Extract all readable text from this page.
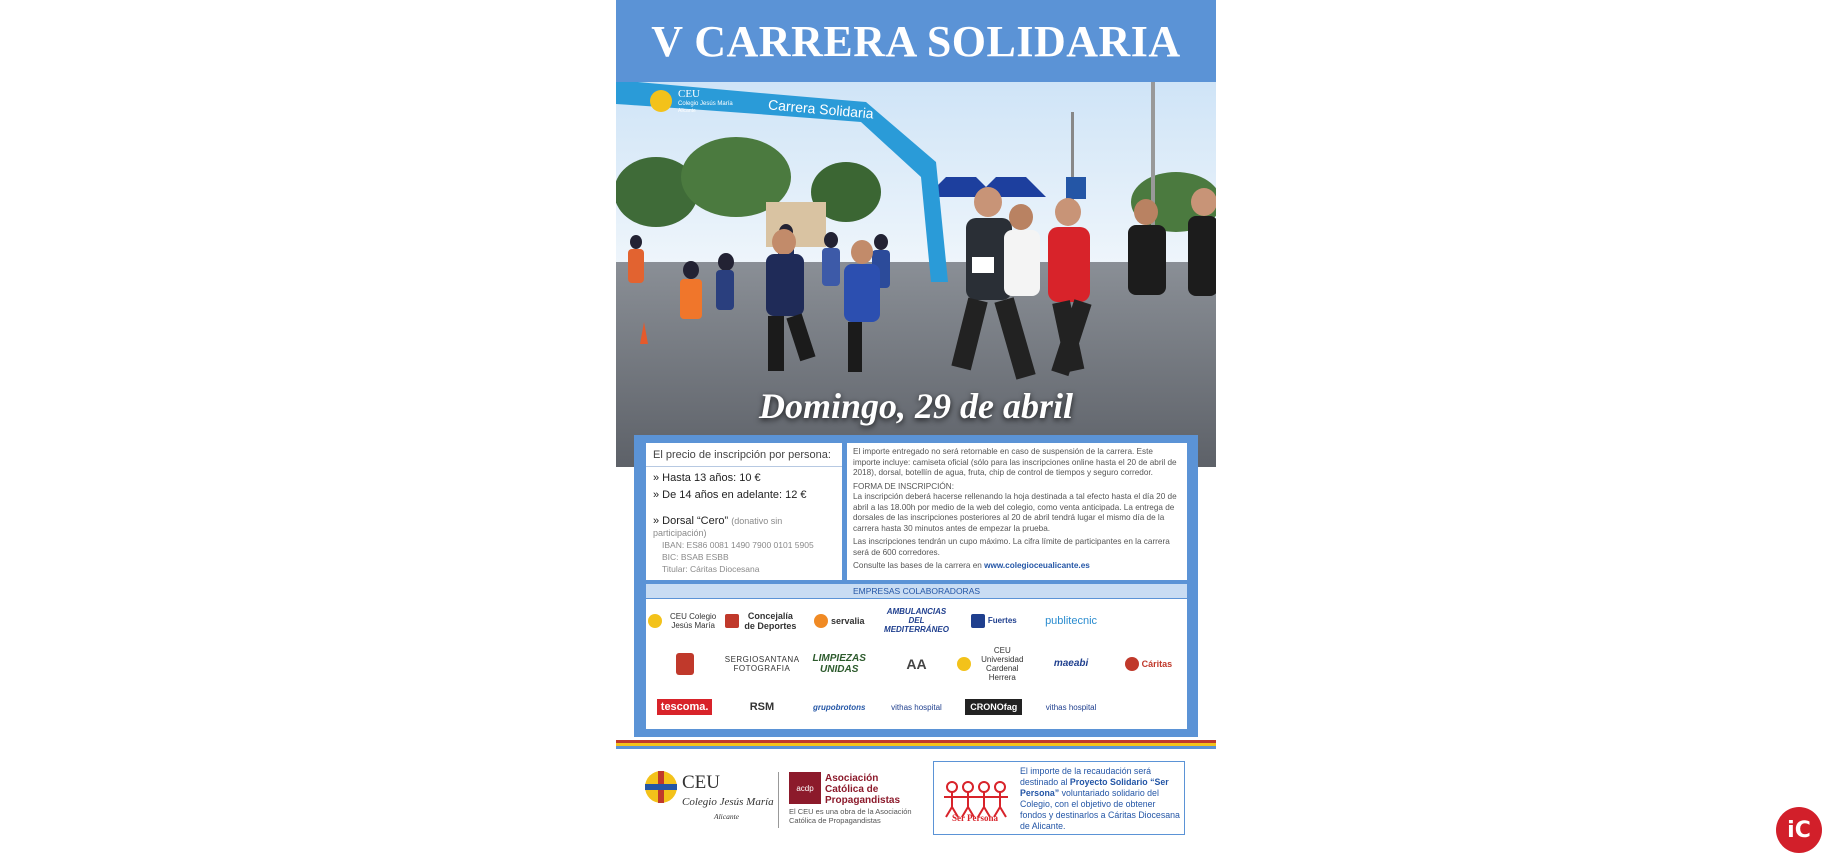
V CARRERA SOLIDARIA
CEU
Colegio Jesús María
Alicante	Carrera Solidaria
Domingo, 29 de abril
El precio de inscripción por persona:
» Hasta 13 años: 10 €
» De 14 años en adelante: 12 €
» Dorsal “Cero” (donativo sin participación)
IBAN: ES86 0081 1490 7900 0101 5905
BIC: BSAB ESBB
Titular: Cáritas Diocesana

El importe entregado no será retornable en caso de suspensión de la carrera. Este importe incluye: camiseta oficial (sólo para las inscripciones online hasta el 20 de abril de 2018), dorsal, botellín de agua, fruta, chip de control de tiempos y seguro corredor.

FORMA DE INSCRIPCIÓN:

La inscripción deberá hacerse rellenando la hoja destinada a tal efecto hasta el día 20 de abril a las 18.00h por medio de la web del colegio, como venta anticipada. La entrega de dorsales de las inscripciones posteriores al 20 de abril tendrá lugar el mismo día de la carrera hasta 30 minutos antes de empezar la prueba.

Las inscripciones tendrán un cupo máximo. La cifra límite de participantes en la carrera será de 600 corredores.

Consulte las bases de la carrera en www.colegioceualicante.es

EMPRESAS COLABORADORAS
CEU Colegio Jesús María
Concejalía de Deportes	servalia
AMBULANCIAS DEL MEDITERRÁNEO
Fuertes	publitecnic
SERGIOSANTANA FOTOGRAFIA
LIMPIEZAS UNIDAS	AA
CEU Universidad Cardenal Herrera
maeabi	Cáritas
tescoma.	RSM	grupobrotons	vithas hospital	CRONOfag	vithas hospital
CEU
Colegio Jesús María
Alicante
acdp
Asociación Católica de Propagandistas
El CEU es una obra de la Asociación Católica de Propagandistas	Ser Persona
El importe de la recaudación será destinado al Proyecto Solidario “Ser Persona” voluntariado solidario del Colegio, con el objetivo de obtener fondos y destinarlos a Cáritas Diocesana de Alicante.	iC
